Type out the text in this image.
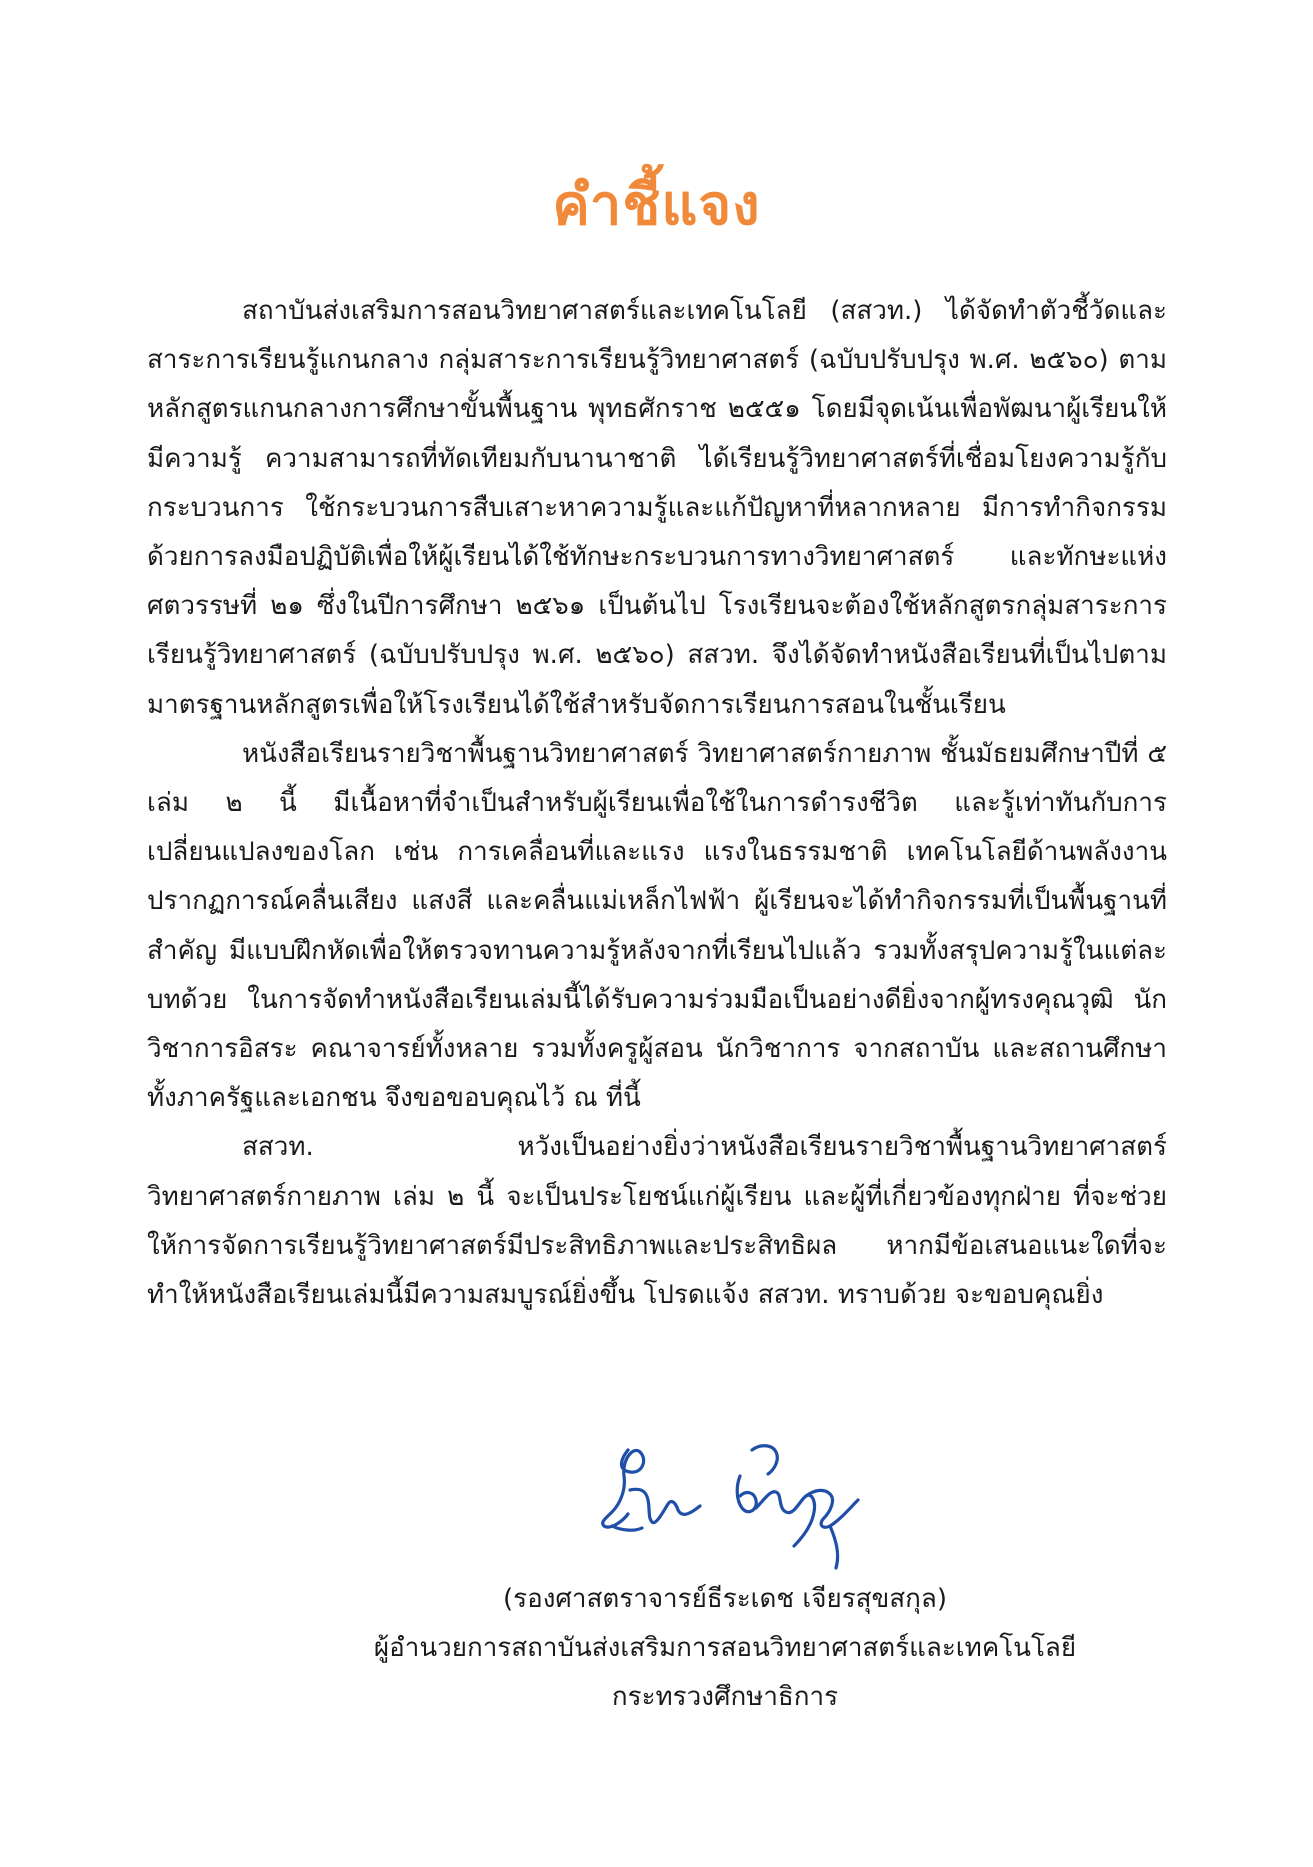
คำชี้แจง

สถาบันส่งเสริมการสอนวิทยาศาสตร์และเทคโนโลยี (สสวท.) ได้จัดทำตัวชี้วัดและสาระการเรียนรู้แกนกลาง กลุ่มสาระการเรียนรู้วิทยาศาสตร์ (ฉบับปรับปรุง พ.ศ. ๒๕๖๐) ตามหลักสูตรแกนกลางการศึกษาขั้นพื้นฐาน พุทธศักราช ๒๕๕๑ โดยมีจุดเน้นเพื่อพัฒนาผู้เรียนให้มีความรู้ ความสามารถที่ทัดเทียมกับนานาชาติ ได้เรียนรู้วิทยาศาสตร์ที่เชื่อมโยงความรู้กับกระบวนการ ใช้กระบวนการสืบเสาะหาความรู้และแก้ปัญหาที่หลากหลาย มีการทำกิจกรรมด้วยการลงมือปฏิบัติเพื่อให้ผู้เรียนได้ใช้ทักษะกระบวนการทางวิทยาศาสตร์ และทักษะแห่งศตวรรษที่ ๒๑ ซึ่งในปีการศึกษา ๒๕๖๑ เป็นต้นไป โรงเรียนจะต้องใช้หลักสูตรกลุ่มสาระการเรียนรู้วิทยาศาสตร์ (ฉบับปรับปรุง พ.ศ. ๒๕๖๐) สสวท. จึงได้จัดทำหนังสือเรียนที่เป็นไปตามมาตรฐานหลักสูตรเพื่อให้โรงเรียนได้ใช้สำหรับจัดการเรียนการสอนในชั้นเรียน

หนังสือเรียนรายวิชาพื้นฐานวิทยาศาสตร์ วิทยาศาสตร์กายภาพ ชั้นมัธยมศึกษาปีที่ ๕ เล่ม ๒ นี้ มีเนื้อหาที่จำเป็นสำหรับผู้เรียนเพื่อใช้ในการดำรงชีวิต และรู้เท่าทันกับการเปลี่ยนแปลงของโลก เช่น การเคลื่อนที่และแรง แรงในธรรมชาติ เทคโนโลยีด้านพลังงาน ปรากฏการณ์คลื่นเสียง แสงสี และคลื่นแม่เหล็กไฟฟ้า ผู้เรียนจะได้ทำกิจกรรมที่เป็นพื้นฐานที่สำคัญ มีแบบฝึกหัดเพื่อให้ตรวจทานความรู้หลังจากที่เรียนไปแล้ว รวมทั้งสรุปความรู้ในแต่ละบทด้วย ในการจัดทำหนังสือเรียนเล่มนี้ได้รับความร่วมมือเป็นอย่างดียิ่งจากผู้ทรงคุณวุฒิ นักวิชาการอิสระ คณาจารย์ทั้งหลาย รวมทั้งครูผู้สอน นักวิชาการ จากสถาบัน และสถานศึกษาทั้งภาครัฐและเอกชน จึงขอขอบคุณไว้ ณ ที่นี้

สสวท. หวังเป็นอย่างยิ่งว่าหนังสือเรียนรายวิชาพื้นฐานวิทยาศาสตร์ วิทยาศาสตร์กายภาพ เล่ม ๒ นี้ จะเป็นประโยชน์แก่ผู้เรียน และผู้ที่เกี่ยวข้องทุกฝ่าย ที่จะช่วยให้การจัดการเรียนรู้วิทยาศาสตร์มีประสิทธิภาพและประสิทธิผล หากมีข้อเสนอแนะใดที่จะทำให้หนังสือเรียนเล่มนี้มีความสมบูรณ์ยิ่งขึ้น โปรดแจ้ง สสวท. ทราบด้วย จะขอบคุณยิ่ง

(รองศาสตราจารย์ธีระเดช เจียรสุขสกุล)
ผู้อำนวยการสถาบันส่งเสริมการสอนวิทยาศาสตร์และเทคโนโลยี
กระทรวงศึกษาธิการ
